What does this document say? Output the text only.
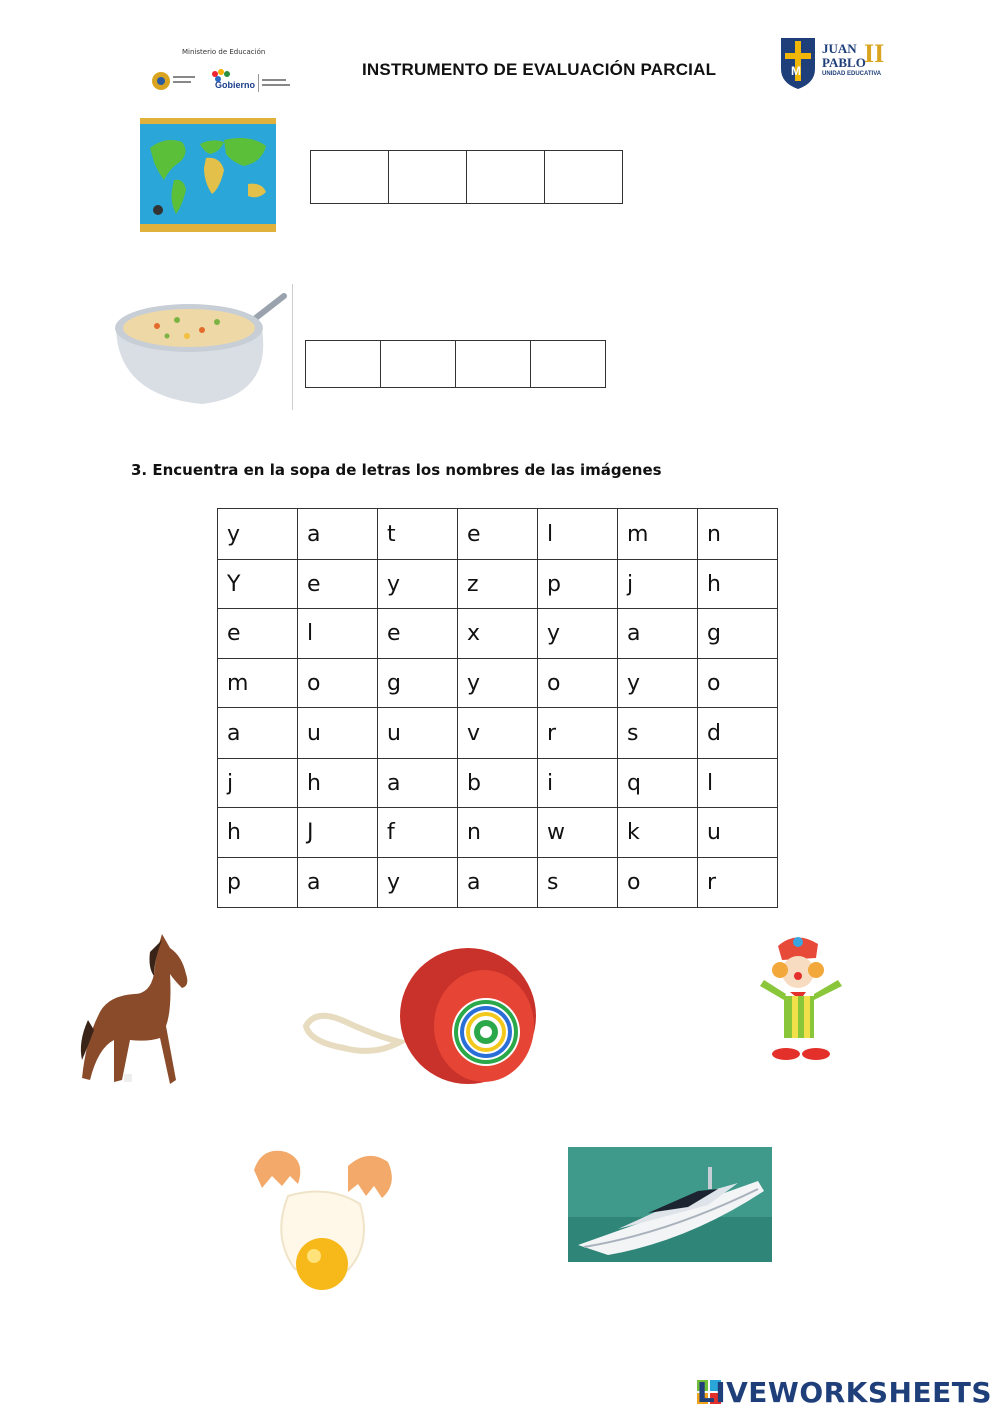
Gobierno
Ministerio de Educación
INSTRUMENTO DE EVALUACIÓN PARCIAL	M
JUAN
PABLO
II
UNIDAD EDUCATIVA
3. Encuentra en la sopa de letras los nombres de las imágenes
y	a	t	e	l	m	n
Y	e	y	z	p	j	h
e	l	e	x	y	a	g
m	o	g	y	o	y	o
a	u	u	v	r	s	d
j	h	a	b	i	q	l
h	J	f	n	w	k	u
p	a	y	a	s	o	r
LIVEWORKSHEETS
